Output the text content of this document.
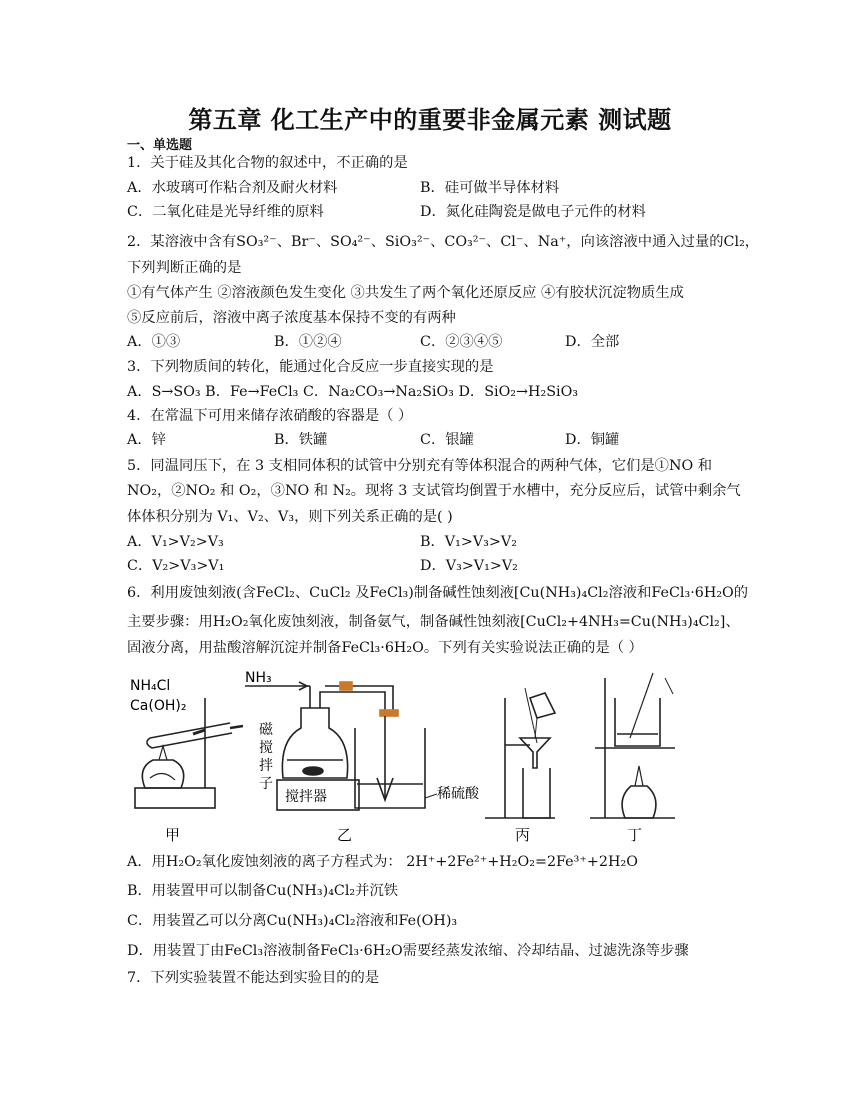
第五章 化工生产中的重要非金属元素 测试题
一、单选题
1．关于硅及其化合物的叙述中，不正确的是
A．水玻璃可作粘合剂及耐火材料	B．硅可做半导体材料
C．二氧化硅是光导纤维的原料	D．氮化硅陶瓷是做电子元件的材料
2．某溶液中含有SO₃²⁻、Br⁻、SO₄²⁻、SiO₃²⁻、CO₃²⁻、Cl⁻、Na⁺，向该溶液中通入过量的Cl₂，
下列判断正确的是
①有气体产生 ②溶液颜色发生变化 ③共发生了两个氧化还原反应 ④有胶状沉淀物质生成
⑤反应前后，溶液中离子浓度基本保持不变的有两种
A．①③	B．①②④	C．②③④⑤	D．全部
3．下列物质间的转化，能通过化合反应一步直接实现的是
A．S→SO₃ B．Fe→FeCl₃ C．Na₂CO₃→Na₂SiO₃ D．SiO₂→H₂SiO₃
4．在常温下可用来储存浓硝酸的容器是（ ）
A．锌	B．铁罐	C．银罐	D．铜罐
5．同温同压下，在 3 支相同体积的试管中分别充有等体积混合的两种气体，它们是①NO 和
NO₂，②NO₂ 和 O₂，③NO 和 N₂。现将 3 支试管均倒置于水槽中，充分反应后，试管中剩余气
体体积分别为 V₁、V₂、V₃，则下列关系正确的是( )
A．V₁>V₂>V₃	B．V₁>V₃>V₂
C．V₂>V₃>V₁	D．V₃>V₁>V₂
6．利用废蚀刻液(含FeCl₂、CuCl₂ 及FeCl₃)制备碱性蚀刻液[Cu(NH₃)₄Cl₂溶液和FeCl₃·6H₂O的
主要步骤：用H₂O₂氧化废蚀刻液，制备氨气，制备碱性蚀刻液[CuCl₂+4NH₃=Cu(NH₃)₄Cl₂]、
固液分离，用盐酸溶解沉淀并制备FeCl₃·6H₂O。下列有关实验说法正确的是（ ）
NH₄Cl
Ca(OH)₂
NH₃
磁
搅
拌
子
搅拌器	稀硫酸
甲	乙	丙	丁
A．用H₂O₂氧化废蚀刻液的离子方程式为： 2H⁺+2Fe²⁺+H₂O₂=2Fe³⁺+2H₂O
B．用装置甲可以制备Cu(NH₃)₄Cl₂并沉铁
C．用装置乙可以分离Cu(NH₃)₄Cl₂溶液和Fe(OH)₃
D．用装置丁由FeCl₃溶液制备FeCl₃·6H₂O需要经蒸发浓缩、冷却结晶、过滤洗涤等步骤
7．下列实验装置不能达到实验目的的是
